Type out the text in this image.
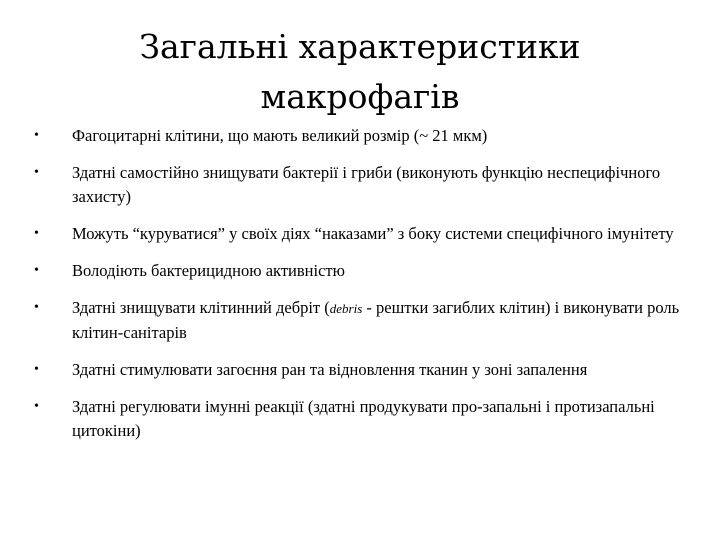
Загальні характеристики
макрофагів
• Фагоцитарні клітини, що мають великий розмір (~ 21 мкм)
• Здатні самостійно знищувати бактерії і гриби (виконують функцію неспецифічного захисту)
• Можуть “куруватися” у своїх діях “наказами” з боку системи специфічного імунітету
• Володіють бактерицидною активністю
• Здатні знищувати клітинний дебріт (debris - рештки загиблих клітин) і виконувати роль клітин-санітарів
• Здатні стимулювати загоєння ран та відновлення тканин у зоні запалення
• Здатні регулювати імунні реакції (здатні продукувати про-запальні і протизапальні цитокіни)
